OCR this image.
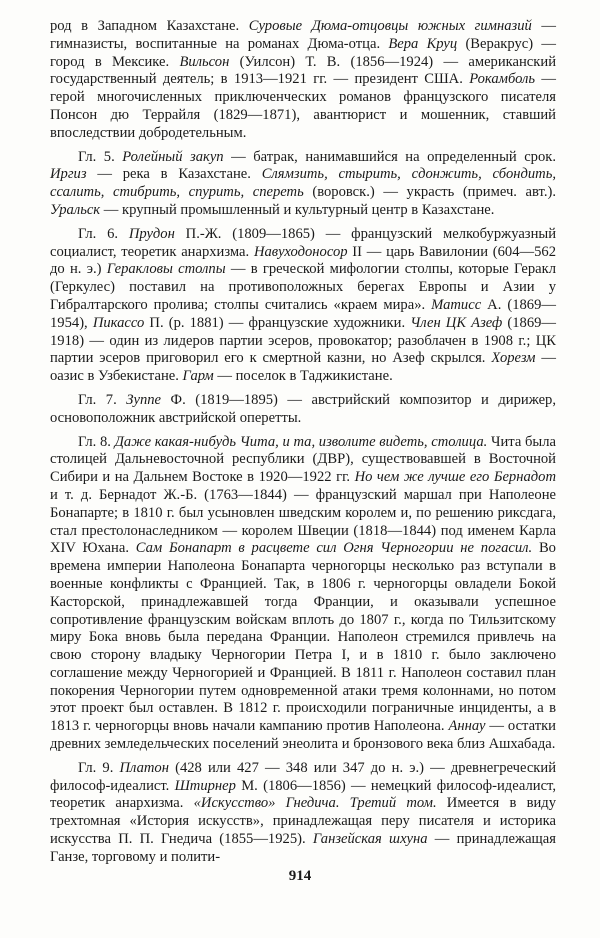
род в Западном Казахстане. Суровые Дюма-отцовцы южных гимназий — гимназисты, воспитанные на романах Дюма-отца. Вера Круц (Веракрус) — город в Мексике. Вильсон (Уилсон) Т. В. (1856—1924) — американский государственный деятель; в 1913—1921 гг. — президент США. Рокамболь — герой многочисленных приключенческих романов французского писателя Понсон дю Террайля (1829—1871), авантюрист и мошенник, ставший впоследствии добродетельным.

Гл. 5. Ролейный закуп — батрак, нанимавшийся на определенный срок. Иргиз — река в Казахстане. Слямзить, стырить, сдонжить, сбондить, ссалить, стибрить, спурить, спереть (воровск.) — украсть (примеч. авт.). Уральск — крупный промышленный и культурный центр в Казахстане.

Гл. 6. Прудон П.-Ж. (1809—1865) — французский мелкобуржуазный социалист, теоретик анархизма. Навуходоносор II — царь Вавилонии (604—562 до н. э.) Геракловы столпы — в греческой мифологии столпы, которые Геракл (Геркулес) поставил на противоположных берегах Европы и Азии у Гибралтарского пролива; столпы считались «краем мира». Матисс А. (1869—1954), Пикассо П. (р. 1881) — французские художники. Член ЦК Азеф (1869—1918) — один из лидеров партии эсеров, провокатор; разоблачен в 1908 г.; ЦК партии эсеров приговорил его к смертной казни, но Азеф скрылся. Хорезм — оазис в Узбекистане. Гарм — поселок в Таджикистане.

Гл. 7. Зуппе Ф. (1819—1895) — австрийский композитор и дирижер, основоположник австрийской оперетты.

Гл. 8. Даже какая-нибудь Чита, и та, изволите видеть, столица. Чита была столицей Дальневосточной республики (ДВР), существовавшей в Восточной Сибири и на Дальнем Востоке в 1920—1922 гг. Но чем же лучше его Бернадот и т. д. Бернадот Ж.-Б. (1763—1844) — французский маршал при Наполеоне Бонапарте; в 1810 г. был усыновлен шведским королем и, по решению риксдага, стал престолонаследником — королем Швеции (1818—1844) под именем Карла XIV Юхана. Сам Бонапарт в расцвете сил Огня Черногории не погасил. Во времена империи Наполеона Бонапарта черногорцы несколько раз вступали в военные конфликты с Францией. Так, в 1806 г. черногорцы овладели Бокой Касторской, принадлежавшей тогда Франции, и оказывали успешное сопротивление французским войскам вплоть до 1807 г., когда по Тильзитскому миру Бока вновь была передана Франции. Наполеон стремился привлечь на свою сторону владыку Черногории Петра I, и в 1810 г. было заключено соглашение между Черногорией и Францией. В 1811 г. Наполеон составил план покорения Черногории путем одновременной атаки тремя колоннами, но потом этот проект был оставлен. В 1812 г. происходили пограничные инциденты, а в 1813 г. черногорцы вновь начали кампанию против Наполеона. Аннау — остатки древних земледельческих поселений энеолита и бронзового века близ Ашхабада.

Гл. 9. Платон (428 или 427 — 348 или 347 до н. э.) — древнегреческий философ-идеалист. Штирнер М. (1806—1856) — немецкий философ-идеалист, теоретик анархизма. «Искусство» Гнедича. Третий том. Имеется в виду трехтомная «История искусств», принадлежащая перу писателя и историка искусства П. П. Гнедича (1855—1925). Ганзейская шхуна — принадлежащая Ганзе, торговому и полити-

914
